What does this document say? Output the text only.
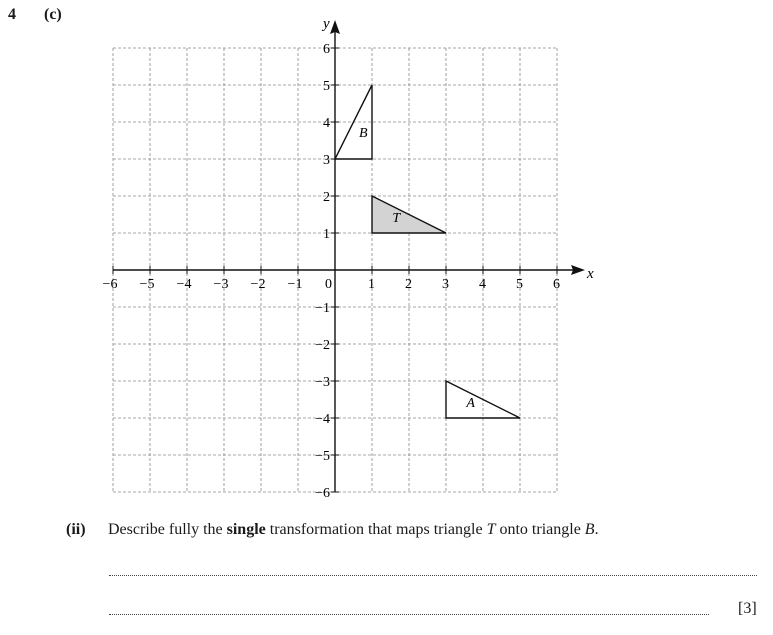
4 (c)
x
y
−6 −5 −4 −3 −2 −1 0	1 2 3 4 5 6
6
5
4
3
2
1
−1
−2
−3
−4
−5
−6
B
T
A
(ii) Describe fully the single transformation that maps triangle T onto triangle B.
[3]
